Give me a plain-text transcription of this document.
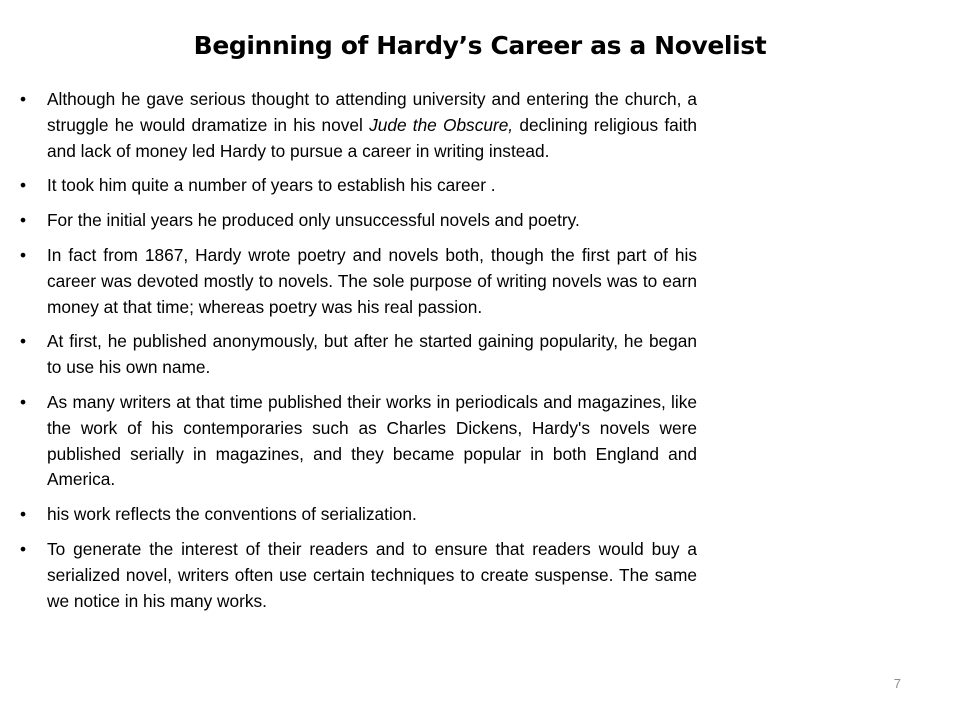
Beginning of Hardy’s Career as a Novelist
•	Although he gave serious thought to attending university and entering the church, a struggle he would dramatize in his novel Jude the Obscure, declining religious faith and lack of money led Hardy to pursue a career in writing instead.
•	It took him quite a number of years to establish his career .
•	For the initial years he produced only unsuccessful novels and poetry.
•	In fact from 1867, Hardy wrote poetry and novels both, though the first part of his career was devoted mostly to novels. The sole purpose of writing novels was to earn money at that time; whereas poetry was his real passion.
•	At first, he published anonymously, but after he started gaining popularity, he began to use his own name.
•	As many writers at that time published their works in periodicals and magazines, like the work of his contemporaries such as Charles Dickens, Hardy's novels were published serially in magazines, and they became popular in both England and America.
•	his work reflects the conventions of serialization.
•	To generate the interest of their readers and to ensure that readers would buy a serialized novel, writers often use certain techniques to create suspense. The same we notice in his many works.
7
